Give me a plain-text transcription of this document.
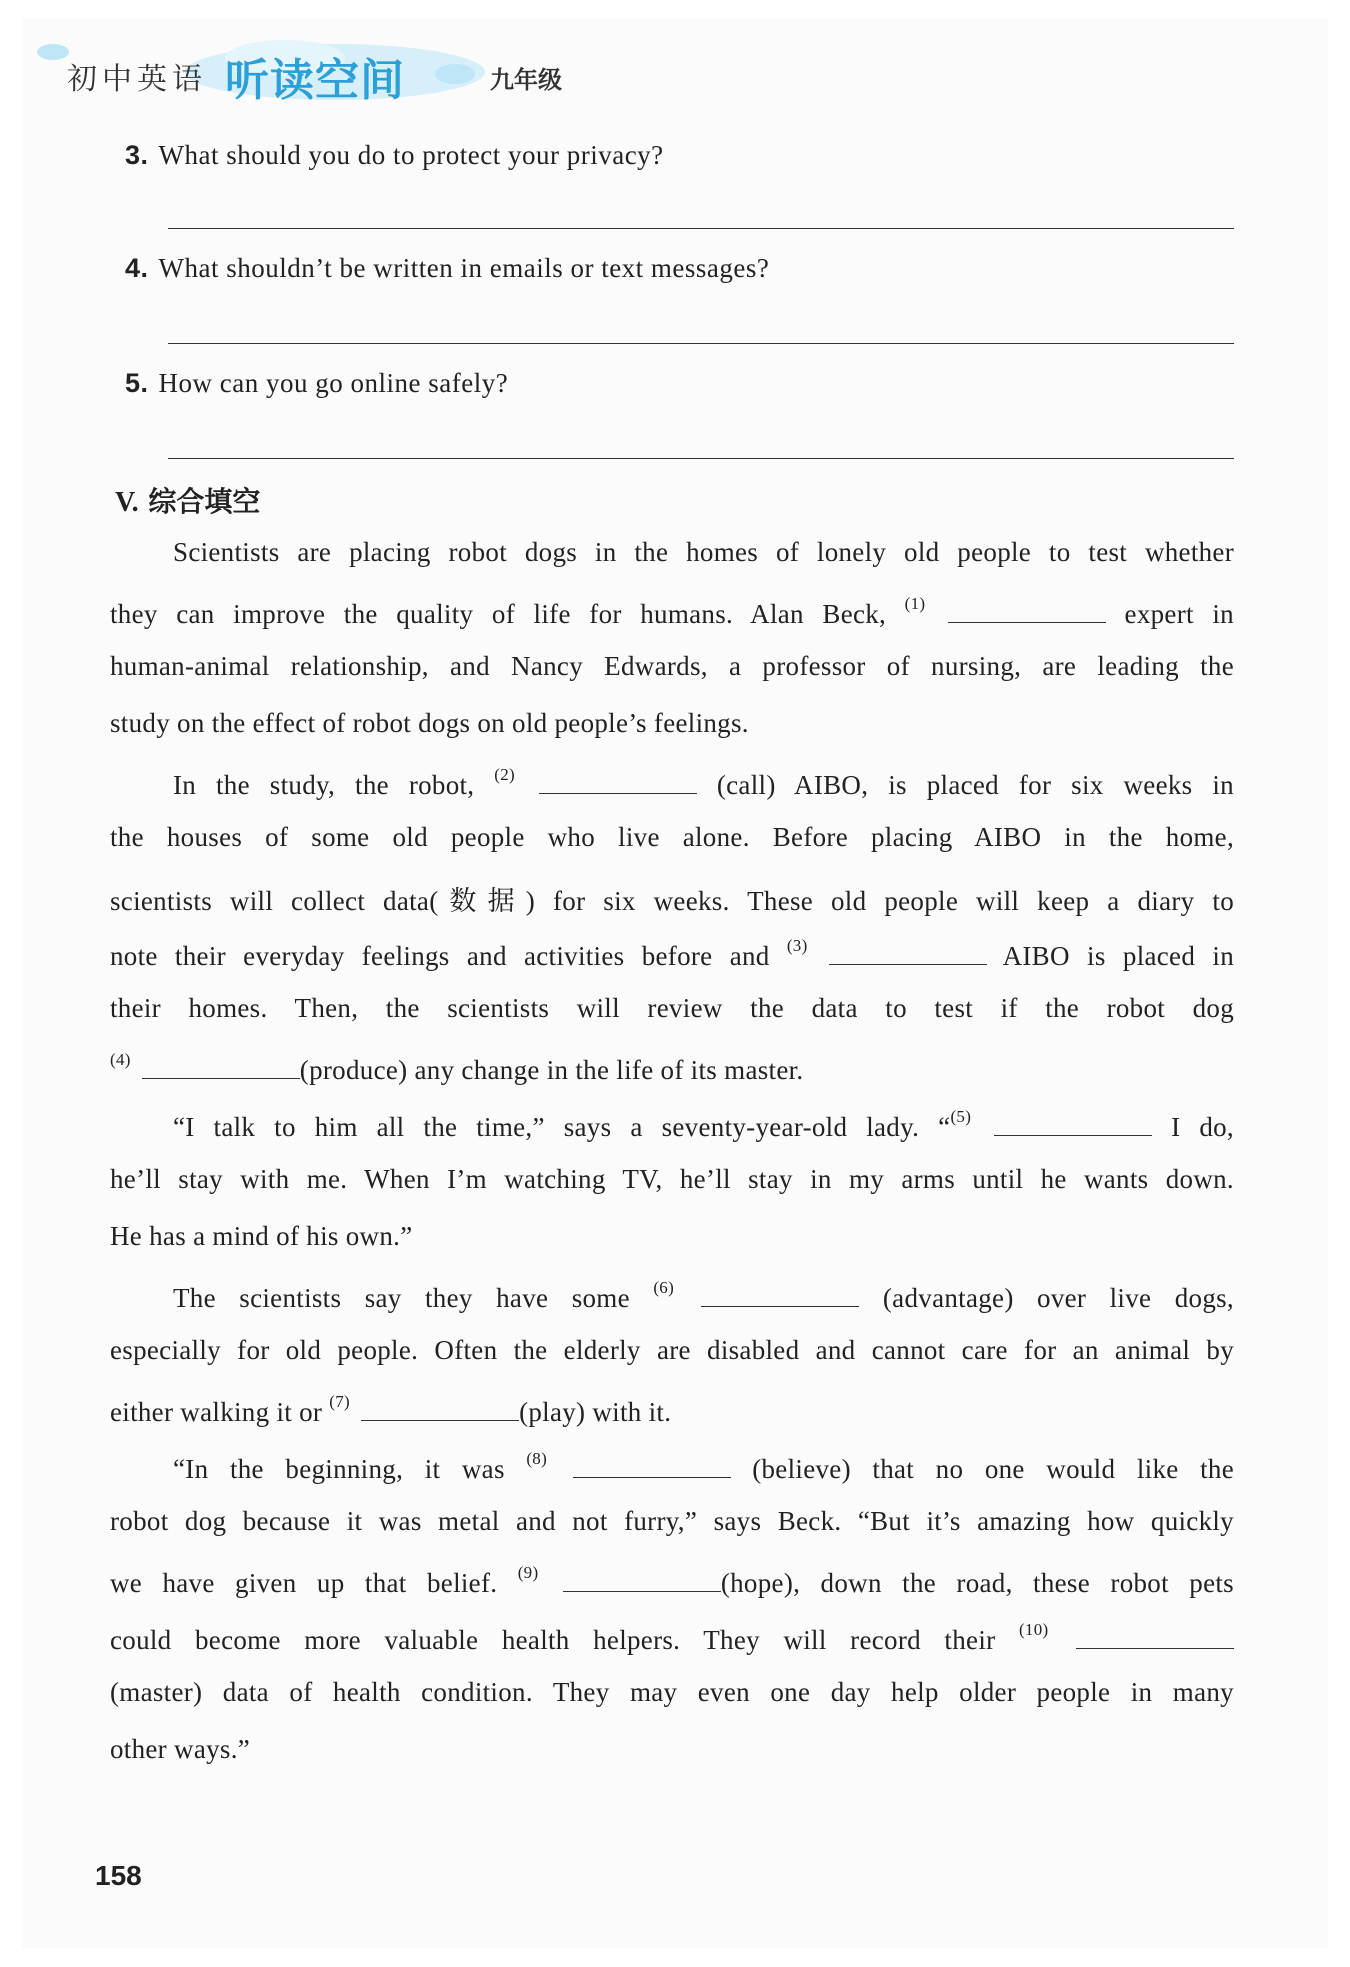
初中英语 听读空间	九年级
3. What should you do to protect your privacy?
4. What shouldn’t be written in emails or text messages?
5. How can you go online safely?
V. 综合填空
Scientists are placing robot dogs in the homes of lonely old people to test whether
they can improve the quality of life for humans. Alan Beck, $^{(1)}$	expert in
human-animal relationship, and Nancy Edwards, a professor of nursing, are leading the
study on the effect of robot dogs on old people’s feelings.
In the study, the robot, $^{(2)}$	(call) AIBO, is placed for six weeks in
the houses of some old people who live alone. Before placing AIBO in the home,
scientists will collect data(数据) for six weeks. These old people will keep a diary to
note their everyday feelings and activities before and $^{(3)}$	AIBO is placed in
their homes. Then, the scientists will review the data to test if the robot dog
$^{(4)}$	(produce) any change in the life of its master.
“I talk to him all the time,” says a seventy-year-old lady. “$^{(5)}$	I do,
he’ll stay with me. When I’m watching TV, he’ll stay in my arms until he wants down.
He has a mind of his own.”
The scientists say they have some $^{(6)}$	(advantage) over live dogs,
especially for old people. Often the elderly are disabled and cannot care for an animal by
either walking it or $^{(7)}$	(play) with it.
“In the beginning, it was $^{(8)}$	(believe) that no one would like the
robot dog because it was metal and not furry,” says Beck. “But it’s amazing how quickly
we have given up that belief. $^{(9)}$	(hope), down the road, these robot pets
could become more valuable health helpers. They will record their $^{(10)}$
(master) data of health condition. They may even one day help older people in many
other ways.”
158
